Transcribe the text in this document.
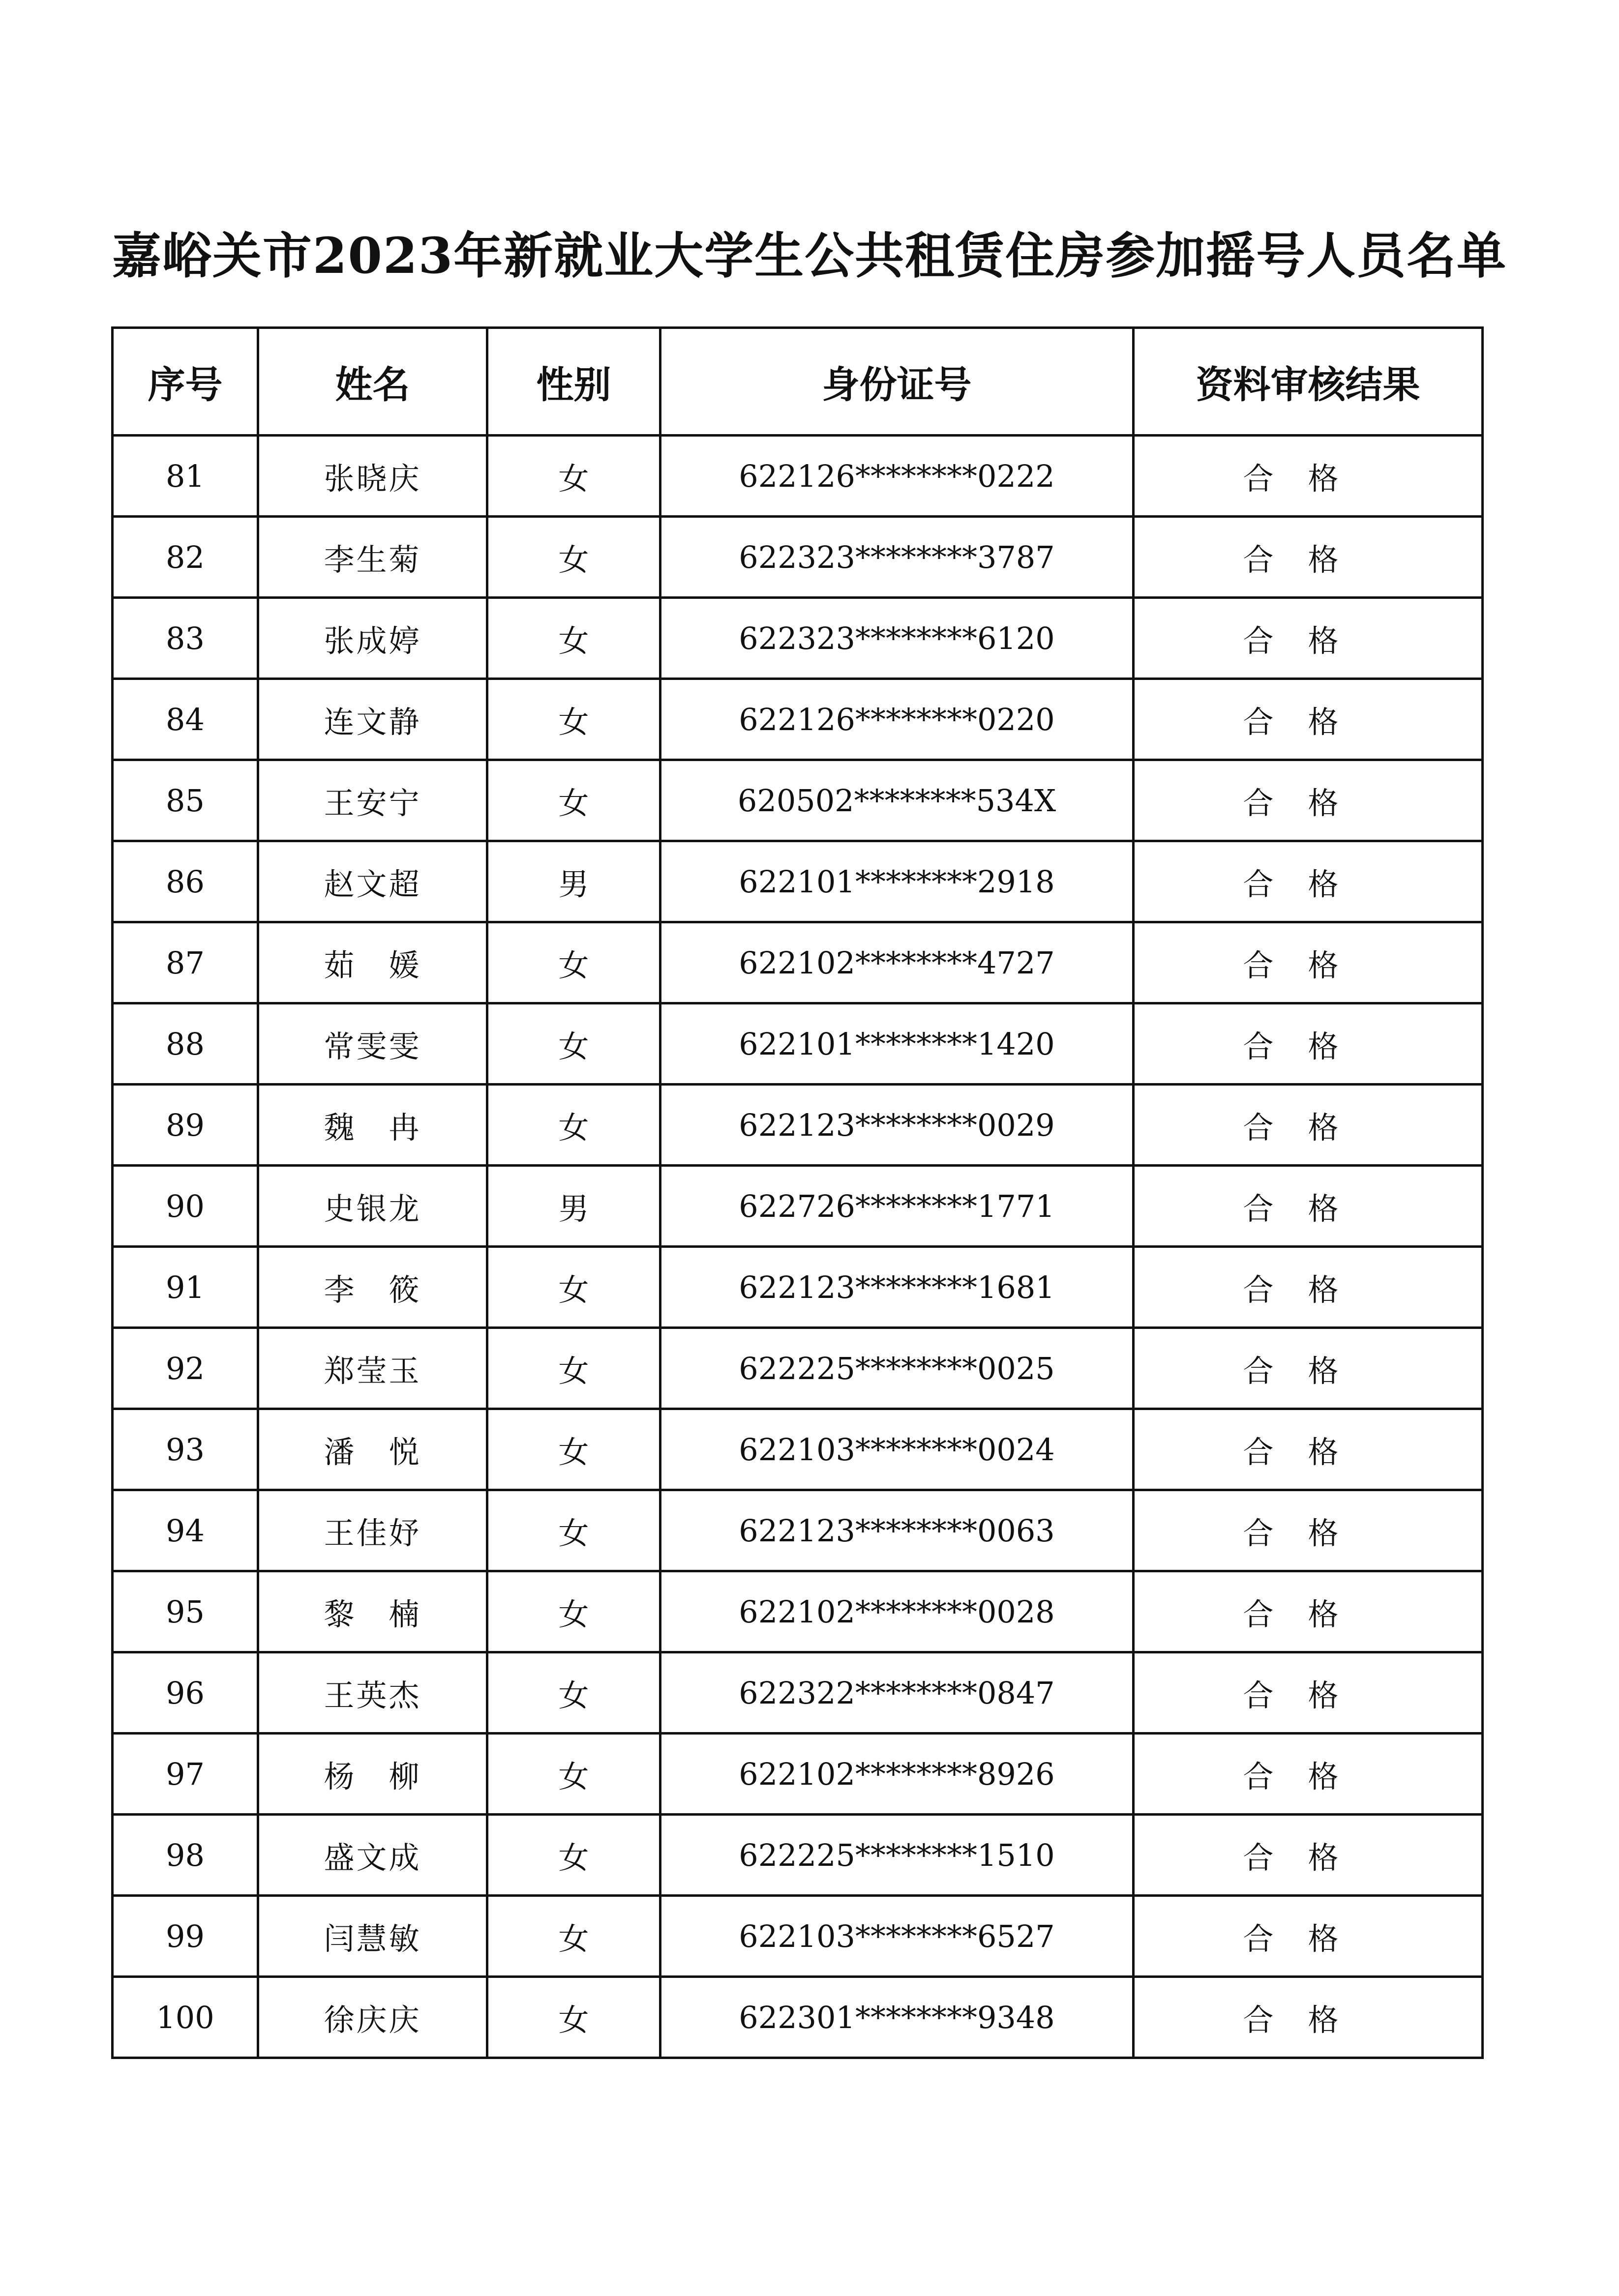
嘉峪关市2023年新就业大学生公共租赁住房参加摇号人员名单
序号	姓名	性别	身份证号	资料审核结果
81	张晓庆	女	622126********0222	合格
82	李生菊	女	622323********3787	合格
83	张成婷	女	622323********6120	合格
84	连文静	女	622126********0220	合格
85	王安宁	女	620502********534X	合格
86	赵文超	男	622101********2918	合格
87	茹　媛	女	622102********4727	合格
88	常雯雯	女	622101********1420	合格
89	魏　冉	女	622123********0029	合格
90	史银龙	男	622726********1771	合格
91	李　筱	女	622123********1681	合格
92	郑莹玉	女	622225********0025	合格
93	潘　悦	女	622103********0024	合格
94	王佳妤	女	622123********0063	合格
95	黎　楠	女	622102********0028	合格
96	王英杰	女	622322********0847	合格
97	杨　柳	女	622102********8926	合格
98	盛文成	女	622225********1510	合格
99	闫慧敏	女	622103********6527	合格
100	徐庆庆	女	622301********9348	合格
